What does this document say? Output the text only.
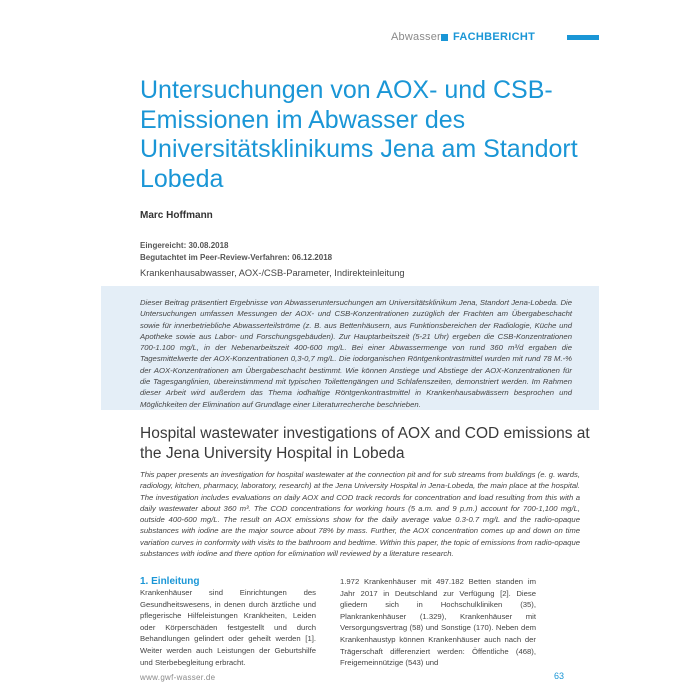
Abwasser FACHBERICHT
Untersuchungen von AOX- und CSB-Emissionen im Abwasser des Universitätsklinikums Jena am Standort Lobeda
Marc Hoffmann
Eingereicht: 30.08.2018
Begutachtet im Peer-Review-Verfahren: 06.12.2018
Krankenhausabwasser, AOX-/CSB-Parameter, Indirekteinleitung

Dieser Beitrag präsentiert Ergebnisse von Abwasseruntersuchungen am Universitätsklinikum Jena, Standort Jena-Lobeda. Die Untersuchungen umfassen Messungen der AOX- und CSB-Konzentrationen zuzüglich der Frachten am Übergabeschacht sowie für innerbetriebliche Abwasserteilströme (z. B. aus Bettenhäusern, aus Funktionsbereichen der Radiologie, Küche und Apotheke sowie aus Labor- und Forschungsgebäuden). Zur Hauptarbeitszeit (5-21 Uhr) ergeben die CSB-Konzentrationen 700-1.100 mg/L, in der Nebenarbeitszeit 400-600 mg/L. Bei einer Abwassermenge von rund 360 m³/d ergaben die Tagesmittelwerte der AOX-Konzentrationen 0,3-0,7 mg/L. Die iodorganischen Röntgenkontrastmittel wurden mit rund 78 M.-% der AOX-Konzentrationen am Übergabeschacht bestimmt. Wie können Anstiege und Abstiege der AOX-Konzentrationen für die Tagesganglinien, übereinstimmend mit typischen Toilettengängen und Schlafenszeiten, demonstriert werden. Im Rahmen dieser Arbeit wird außerdem das Thema iodhaltige Röntgenkontrastmittel in Krankenhausabwässern besprochen und Möglichkeiten der Elimination auf Grundlage einer Literaturrecherche beschrieben.

Hospital wastewater investigations of AOX and COD emissions at the Jena University Hospital in Lobeda

This paper presents an investigation for hospital wastewater at the connection pit and for sub streams from buildings (e. g. wards, radiology, kitchen, pharmacy, laboratory, research) at the Jena University Hospital in Jena-Lobeda, the main place at the hospital. The investigation includes evaluations on daily AOX and COD track records for concentration and load resulting from this with a daily wastewater about 360 m³. The COD concentrations for working hours (5 a.m. and 9 p.m.) account for 700-1,100 mg/L, outside 400-600 mg/L. The result on AOX emissions show for the daily average value 0.3-0.7 mg/L and the radio-opaque substances with iodine are the major source about 78% by mass. Further, the AOX concentration comes up and down on time variation curves in conformity with visits to the bathroom and bedtime. Within this paper, the topic of emissions from radio-opaque substances with iodine and there option for elimination will reviewed by a literature research.

1. Einleitung

Krankenhäuser sind Einrichtungen des Gesundheitswesens, in denen durch ärztliche und pflegerische Hilfeleistungen Krankheiten, Leiden oder Körperschäden festgestellt und durch Behandlungen gelindert oder geheilt werden [1]. Weiter werden auch Leistungen der Geburtshilfe und Sterbebegleitung erbracht.

1.972 Krankenhäuser mit 497.182 Betten standen im Jahr 2017 in Deutschland zur Verfügung [2]. Diese gliedern sich in Hochschulkliniken (35), Plankrankenhäuser (1.329), Krankenhäuser mit Versorgungsvertrag (58) und Sonstige (170). Neben dem Krankenhaustyp können Krankenhäuser auch nach der Trägerschaft differenziert werden: Öffentliche (468), Freigemeinnützige (543) und

www.gwf-wasser.de	63
